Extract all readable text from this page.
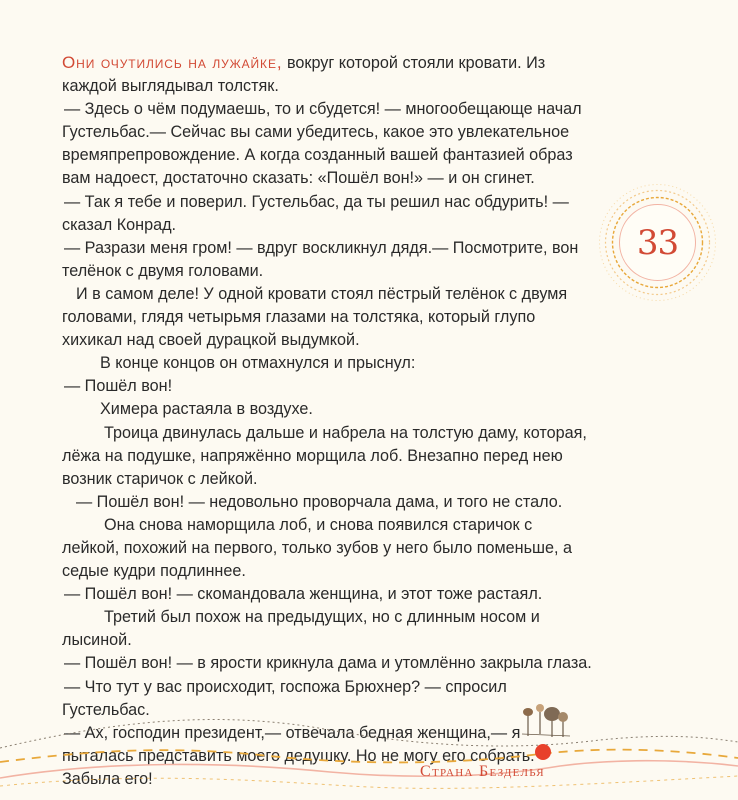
Они очутились на лужайке, вокруг которой стояли кровати. Из каждой выглядывал толстяк.

— Здесь о чём подумаешь, то и сбудется! — многообещающе начал Густельбас.— Сейчас вы сами убедитесь, какое это увлекательное времяпрепровождение. А когда созданный вашей фантазией образ вам надоест, достаточно сказать: «Пошёл вон!» — и он сгинет.

— Так я тебе и поверил. Густельбас, да ты решил нас обдурить! — сказал Конрад.

— Разрази меня гром! — вдруг воскликнул дядя.— Посмотрите, вон телёнок с двумя головами.

И в самом деле! У одной кровати стоял пёстрый телёнок с двумя головами, глядя четырьмя глазами на толстяка, который глупо хихикал над своей дурацкой выдумкой.

В конце концов он отмахнулся и прыснул:

— Пошёл вон!

Химера растаяла в воздухе.

Троица двинулась дальше и набрела на толстую даму, которая, лёжа на подушке, напряжённо морщила лоб. Внезапно перед нею возник старичок с лейкой.

— Пошёл вон! — недовольно проворчала дама, и того не стало.

Она снова наморщила лоб, и снова появился старичок с лейкой, похожий на первого, только зубов у него было поменьше, а седые кудри подлиннее.

— Пошёл вон! — скомандовала женщина, и этот тоже растаял.

Третий был похож на предыдущих, но с длинным носом и лысиной.

— Пошёл вон! — в ярости крикнула дама и утомлённо закрыла глаза.

— Что тут у вас происходит, госпожа Брюхнер? — спросил Густельбас.

— Ах, господин президент,— отвечала бедная женщина,— я пыталась представить моего дедушку. Но не могу его собрать. Забыла его!

33
Страна Безделья
